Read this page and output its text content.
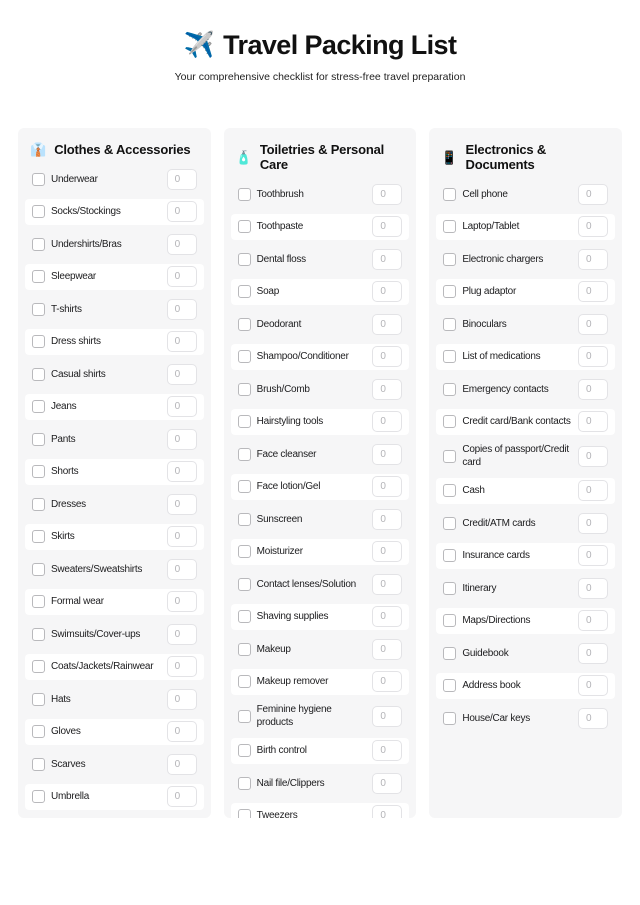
✈️ Travel Packing List
Your comprehensive checklist for stress-free travel preparation
👔 Clothes & Accessories
Underwear
0
Socks/Stockings
0
Undershirts/Bras
0
Sleepwear
0
T-shirts
0
Dress shirts
0
Casual shirts
0
Jeans
0
Pants
0
Shorts
0
Dresses
0
Skirts
0
Sweaters/Sweatshirts
0
Formal wear
0
Swimsuits/Cover-ups
0
Coats/Jackets/Rainwear
0
Hats
0
Gloves
0
Scarves
0
Umbrella
0
🧴 Toiletries & Personal Care
Toothbrush
0
Toothpaste
0
Dental floss
0
Soap
0
Deodorant
0
Shampoo/Conditioner
0
Brush/Comb
0
Hairstyling tools
0
Face cleanser
0
Face lotion/Gel
0
Sunscreen
0
Moisturizer
0
Contact lenses/Solution
0
Shaving supplies
0
Makeup
0
Makeup remover
0
Feminine hygiene products
0
Birth control
0
Nail file/Clippers
0
Tweezers
0
📱 Electronics & Documents
Cell phone
0
Laptop/Tablet
0
Electronic chargers
0
Plug adaptor
0
Binoculars
0
List of medications
0
Emergency contacts
0
Credit card/Bank contacts
0
Copies of passport/Credit card
0
Cash
0
Credit/ATM cards
0
Insurance cards
0
Itinerary
0
Maps/Directions
0
Guidebook
0
Address book
0
House/Car keys
0
